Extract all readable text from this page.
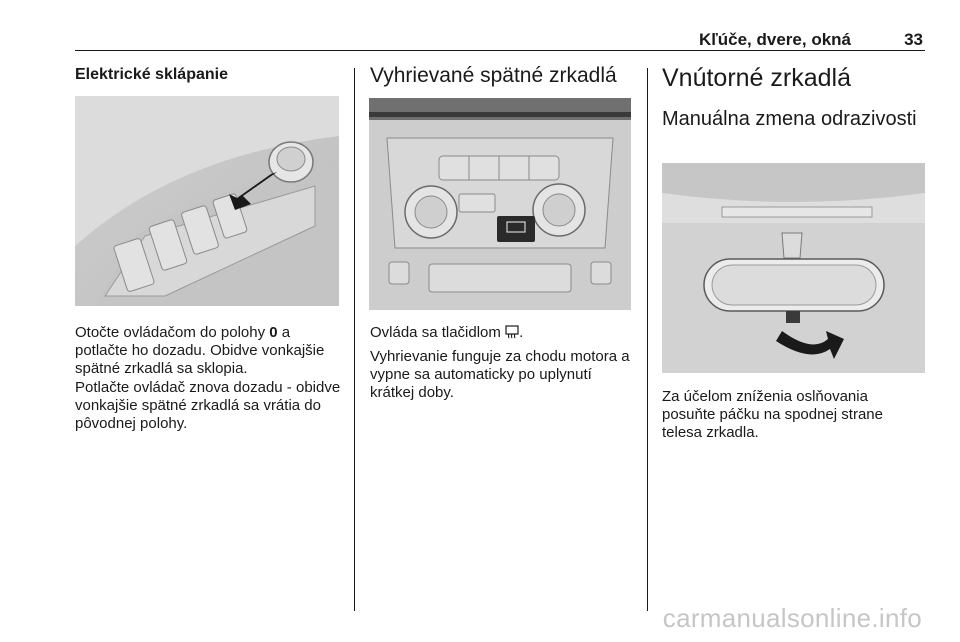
Kľúče, dvere, okná	33
Elektrické sklápanie
Otočte ovládačom do polohy 0 a potlačte ho dozadu. Obidve vonkajšie spätné zrkadlá sa sklopia.
Potlačte ovládač znova dozadu - obidve vonkajšie spätné zrkadlá sa vrátia do pôvodnej polohy.
Vyhrievané spätné zrkadlá
Ovláda sa tlačidlom .
Vyhrievanie funguje za chodu motora a vypne sa automaticky po uplynutí krátkej doby.
Vnútorné zrkadlá
Manuálna zmena odrazivosti
Za účelom zníženia oslňovania posuňte páčku na spodnej strane telesa zrkadla.
carmanualsonline.info
